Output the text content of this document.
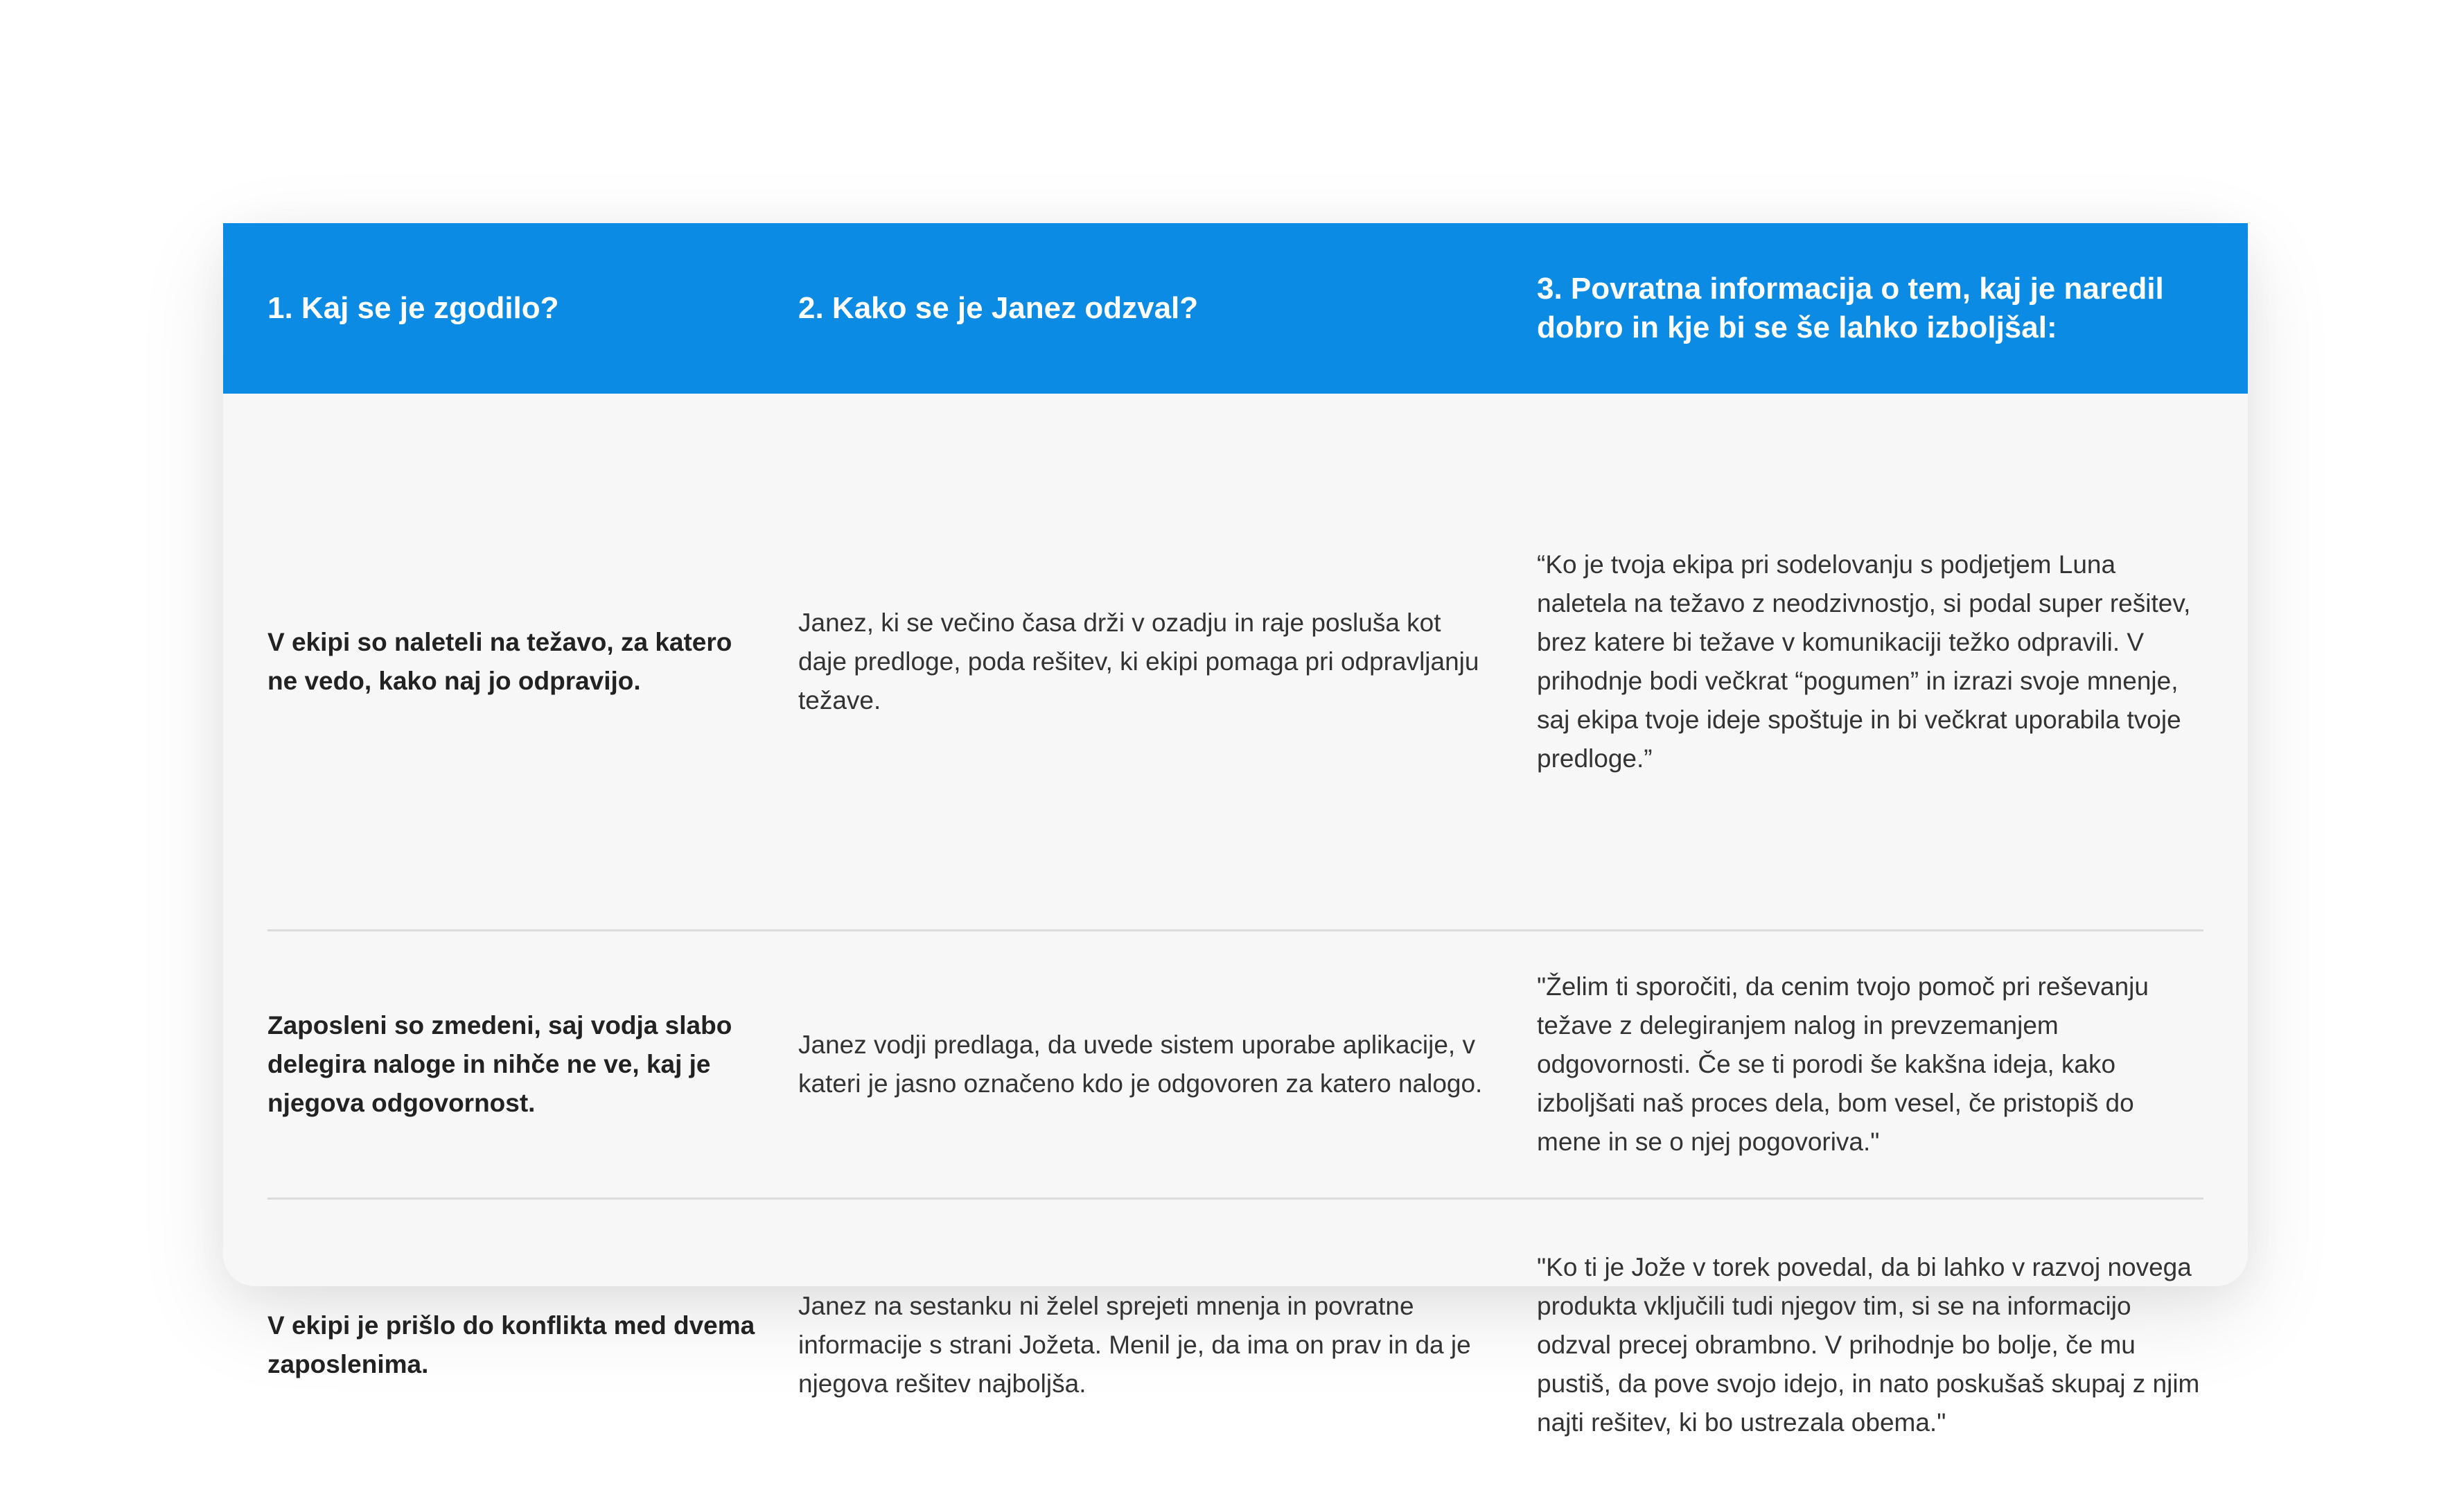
1. Kaj se je zgodilo?	2. Kako se je Janez odzval?
3. Povratna informacija o tem, kaj je naredil dobro in kje bi se še lahko izboljšal:
V ekipi so naleteli na težavo, za katero ne vedo, kako naj jo odpravijo.
Janez, ki se večino časa drži v ozadju in raje posluša kot daje predloge, poda rešitev, ki ekipi pomaga pri odpravljanju težave.
“Ko je tvoja ekipa pri sodelovanju s podjetjem Luna naletela na težavo z neodzivnostjo, si podal super rešitev, brez katere bi težave v komunikaciji težko odpravili. V prihodnje bodi večkrat “pogumen” in izrazi svoje mnenje, saj ekipa tvoje ideje spoštuje in bi večkrat uporabila tvoje predloge.”
Zaposleni so zmedeni, saj vodja slabo delegira naloge in nihče ne ve, kaj je njegova odgovornost.
Janez vodji predlaga, da uvede sistem uporabe aplikacije, v kateri je jasno označeno kdo je odgovoren za katero nalogo.
"Želim ti sporočiti, da cenim tvojo pomoč pri reševanju težave z delegiranjem nalog in prevzemanjem odgovornosti. Če se ti porodi še kakšna ideja, kako izboljšati naš proces dela, bom vesel, če pristopiš do mene in se o njej pogovoriva."
V ekipi je prišlo do konflikta med dvema zaposlenima.
Janez na sestanku ni želel sprejeti mnenja in povratne informacije s strani Jožeta. Menil je, da ima on prav in da je njegova rešitev najboljša.
"Ko ti je Jože v torek povedal, da bi lahko v razvoj novega produkta vključili tudi njegov tim, si se na informacijo odzval precej obrambno. V prihodnje bo bolje, če mu pustiš, da pove svojo idejo, in nato poskušaš skupaj z njim najti rešitev, ki bo ustrezala obema."
